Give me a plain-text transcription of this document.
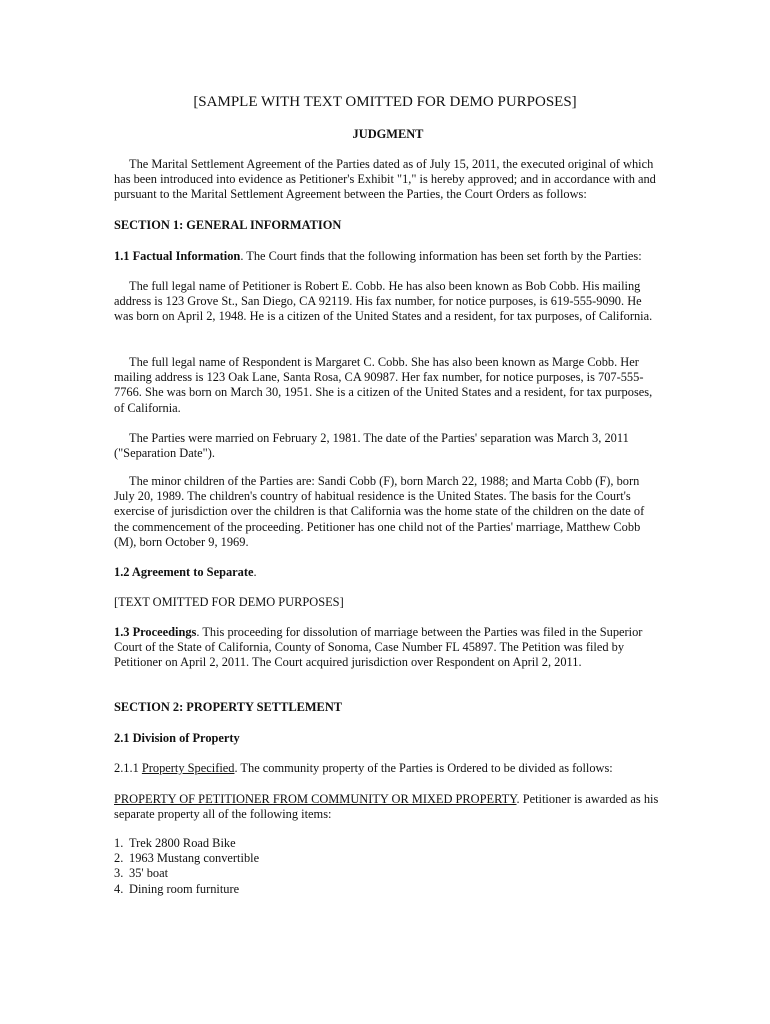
[SAMPLE WITH TEXT OMITTED FOR DEMO PURPOSES]

JUDGMENT

The Marital Settlement Agreement of the Parties dated as of July 15, 2011, the executed original of which has been introduced into evidence as Petitioner's Exhibit "1," is hereby approved; and in accordance with and pursuant to the Marital Settlement Agreement between the Parties, the Court Orders as follows:

SECTION 1: GENERAL INFORMATION

1.1 Factual Information. The Court finds that the following information has been set forth by the Parties:

The full legal name of Petitioner is Robert E. Cobb. He has also been known as Bob Cobb. His mailing address is 123 Grove St., San Diego, CA 92119. His fax number, for notice purposes, is 619-555-9090. He was born on April 2, 1948. He is a citizen of the United States and a resident, for tax purposes, of California.

The full legal name of Respondent is Margaret C. Cobb. She has also been known as Marge Cobb. Her mailing address is 123 Oak Lane, Santa Rosa, CA 90987. Her fax number, for notice purposes, is 707-555-7766. She was born on March 30, 1951. She is a citizen of the United States and a resident, for tax purposes, of California.

The Parties were married on February 2, 1981. The date of the Parties' separation was March 3, 2011 ("Separation Date").

The minor children of the Parties are: Sandi Cobb (F), born March 22, 1988; and Marta Cobb (F), born July 20, 1989. The children's country of habitual residence is the United States. The basis for the Court's exercise of jurisdiction over the children is that California was the home state of the children on the date of the commencement of the proceeding. Petitioner has one child not of the Parties' marriage, Matthew Cobb (M), born October 9, 1969.

1.2 Agreement to Separate.

[TEXT OMITTED FOR DEMO PURPOSES]

1.3 Proceedings. This proceeding for dissolution of marriage between the Parties was filed in the Superior Court of the State of California, County of Sonoma, Case Number FL 45897. The Petition was filed by Petitioner on April 2, 2011. The Court acquired jurisdiction over Respondent on April 2, 2011.

SECTION 2: PROPERTY SETTLEMENT

2.1 Division of Property

2.1.1 Property Specified. The community property of the Parties is Ordered to be divided as follows:

PROPERTY OF PETITIONER FROM COMMUNITY OR MIXED PROPERTY. Petitioner is awarded as his separate property all of the following items:

1. Trek 2800 Road Bike
2. 1963 Mustang convertible
3. 35' boat
4. Dining room furniture
